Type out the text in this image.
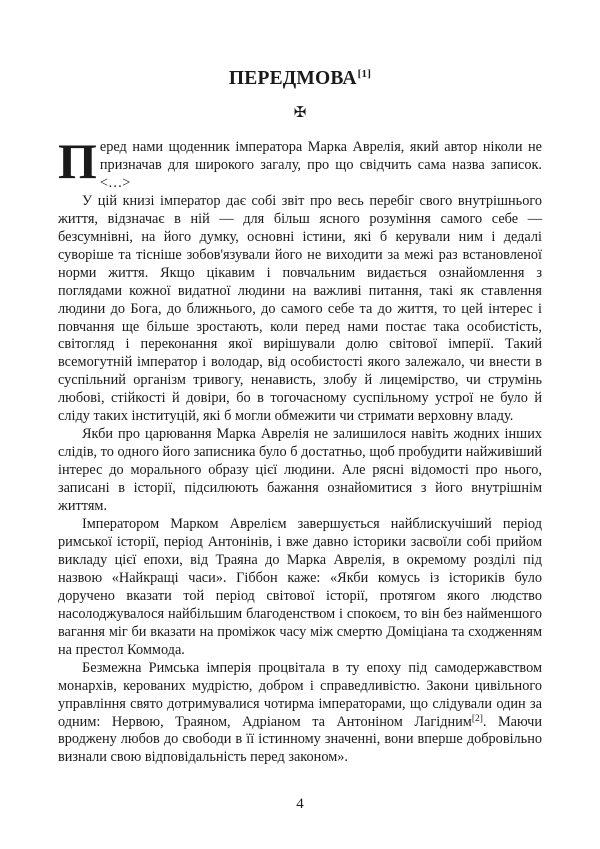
ПЕРЕДМОВА[1]
✠

Перед нами щоденник імператора Марка Аврелія, який автор ніколи не призначав для широкого загалу, про що свідчить сама назва записок. <…>

У цій книзі імператор дає собі звіт про весь перебіг свого внутрішнього життя, відзначає в ній — для більш ясного розуміння самого себе — безсумнівні, на його думку, основні істини, які б керували ним і дедалі суворіше та тісніше зобов'язували його не виходити за межі раз встановленої норми життя. Якщо цікавим і повчальним видається ознайомлення з поглядами кожної видатної людини на важливі питання, такі як ставлення людини до Бога, до ближнього, до самого себе та до життя, то цей інтерес і повчання ще більше зростають, коли перед нами постає така особистість, світогляд і переконання якої вирішували долю світової імперії. Такий всемогутній імператор і володар, від особистості якого залежало, чи внести в суспільний організм тривогу, ненависть, злобу й лицемірство, чи струмінь любові, стійкості й довіри, бо в тогочасному суспільному устрої не було й сліду таких інституцій, які б могли обмежити чи стримати верховну владу.

Якби про царювання Марка Аврелія не залишилося навіть жодних інших слідів, то одного його записника було б достатньо, щоб пробудити найживіший інтерес до морального образу цієї людини. Але рясні відомості про нього, записані в історії, підсилюють бажання ознайомитися з його внутрішнім життям.

Імператором Марком Аврелієм завершується найблискучіший період римської історії, період Антонінів, і вже давно історики засвоїли собі прийом викладу цієї епохи, від Траяна до Марка Аврелія, в окремому розділі під назвою «Найкращі часи». Гіббон каже: «Якби комусь із істориків було доручено вказати той період світової історії, протягом якого людство насолоджувалося найбільшим благоденством і спокоєм, то він без найменшого вагання міг би вказати на проміжок часу між смертю Доміціана та сходженням на престол Коммода.

Безмежна Римська імперія процвітала в ту епоху під самодержавством монархів, керованих мудрістю, добром і справедливістю. Закони цивільного управління свято дотримувалися чотирма імператорами, що слідували один за одним: Нервою, Траяном, Адріаном та Антоніном Лагідним[2]. Маючи вроджену любов до свободи в її істинному значенні, вони вперше добровільно визнали свою відповідальність перед законом».

4
